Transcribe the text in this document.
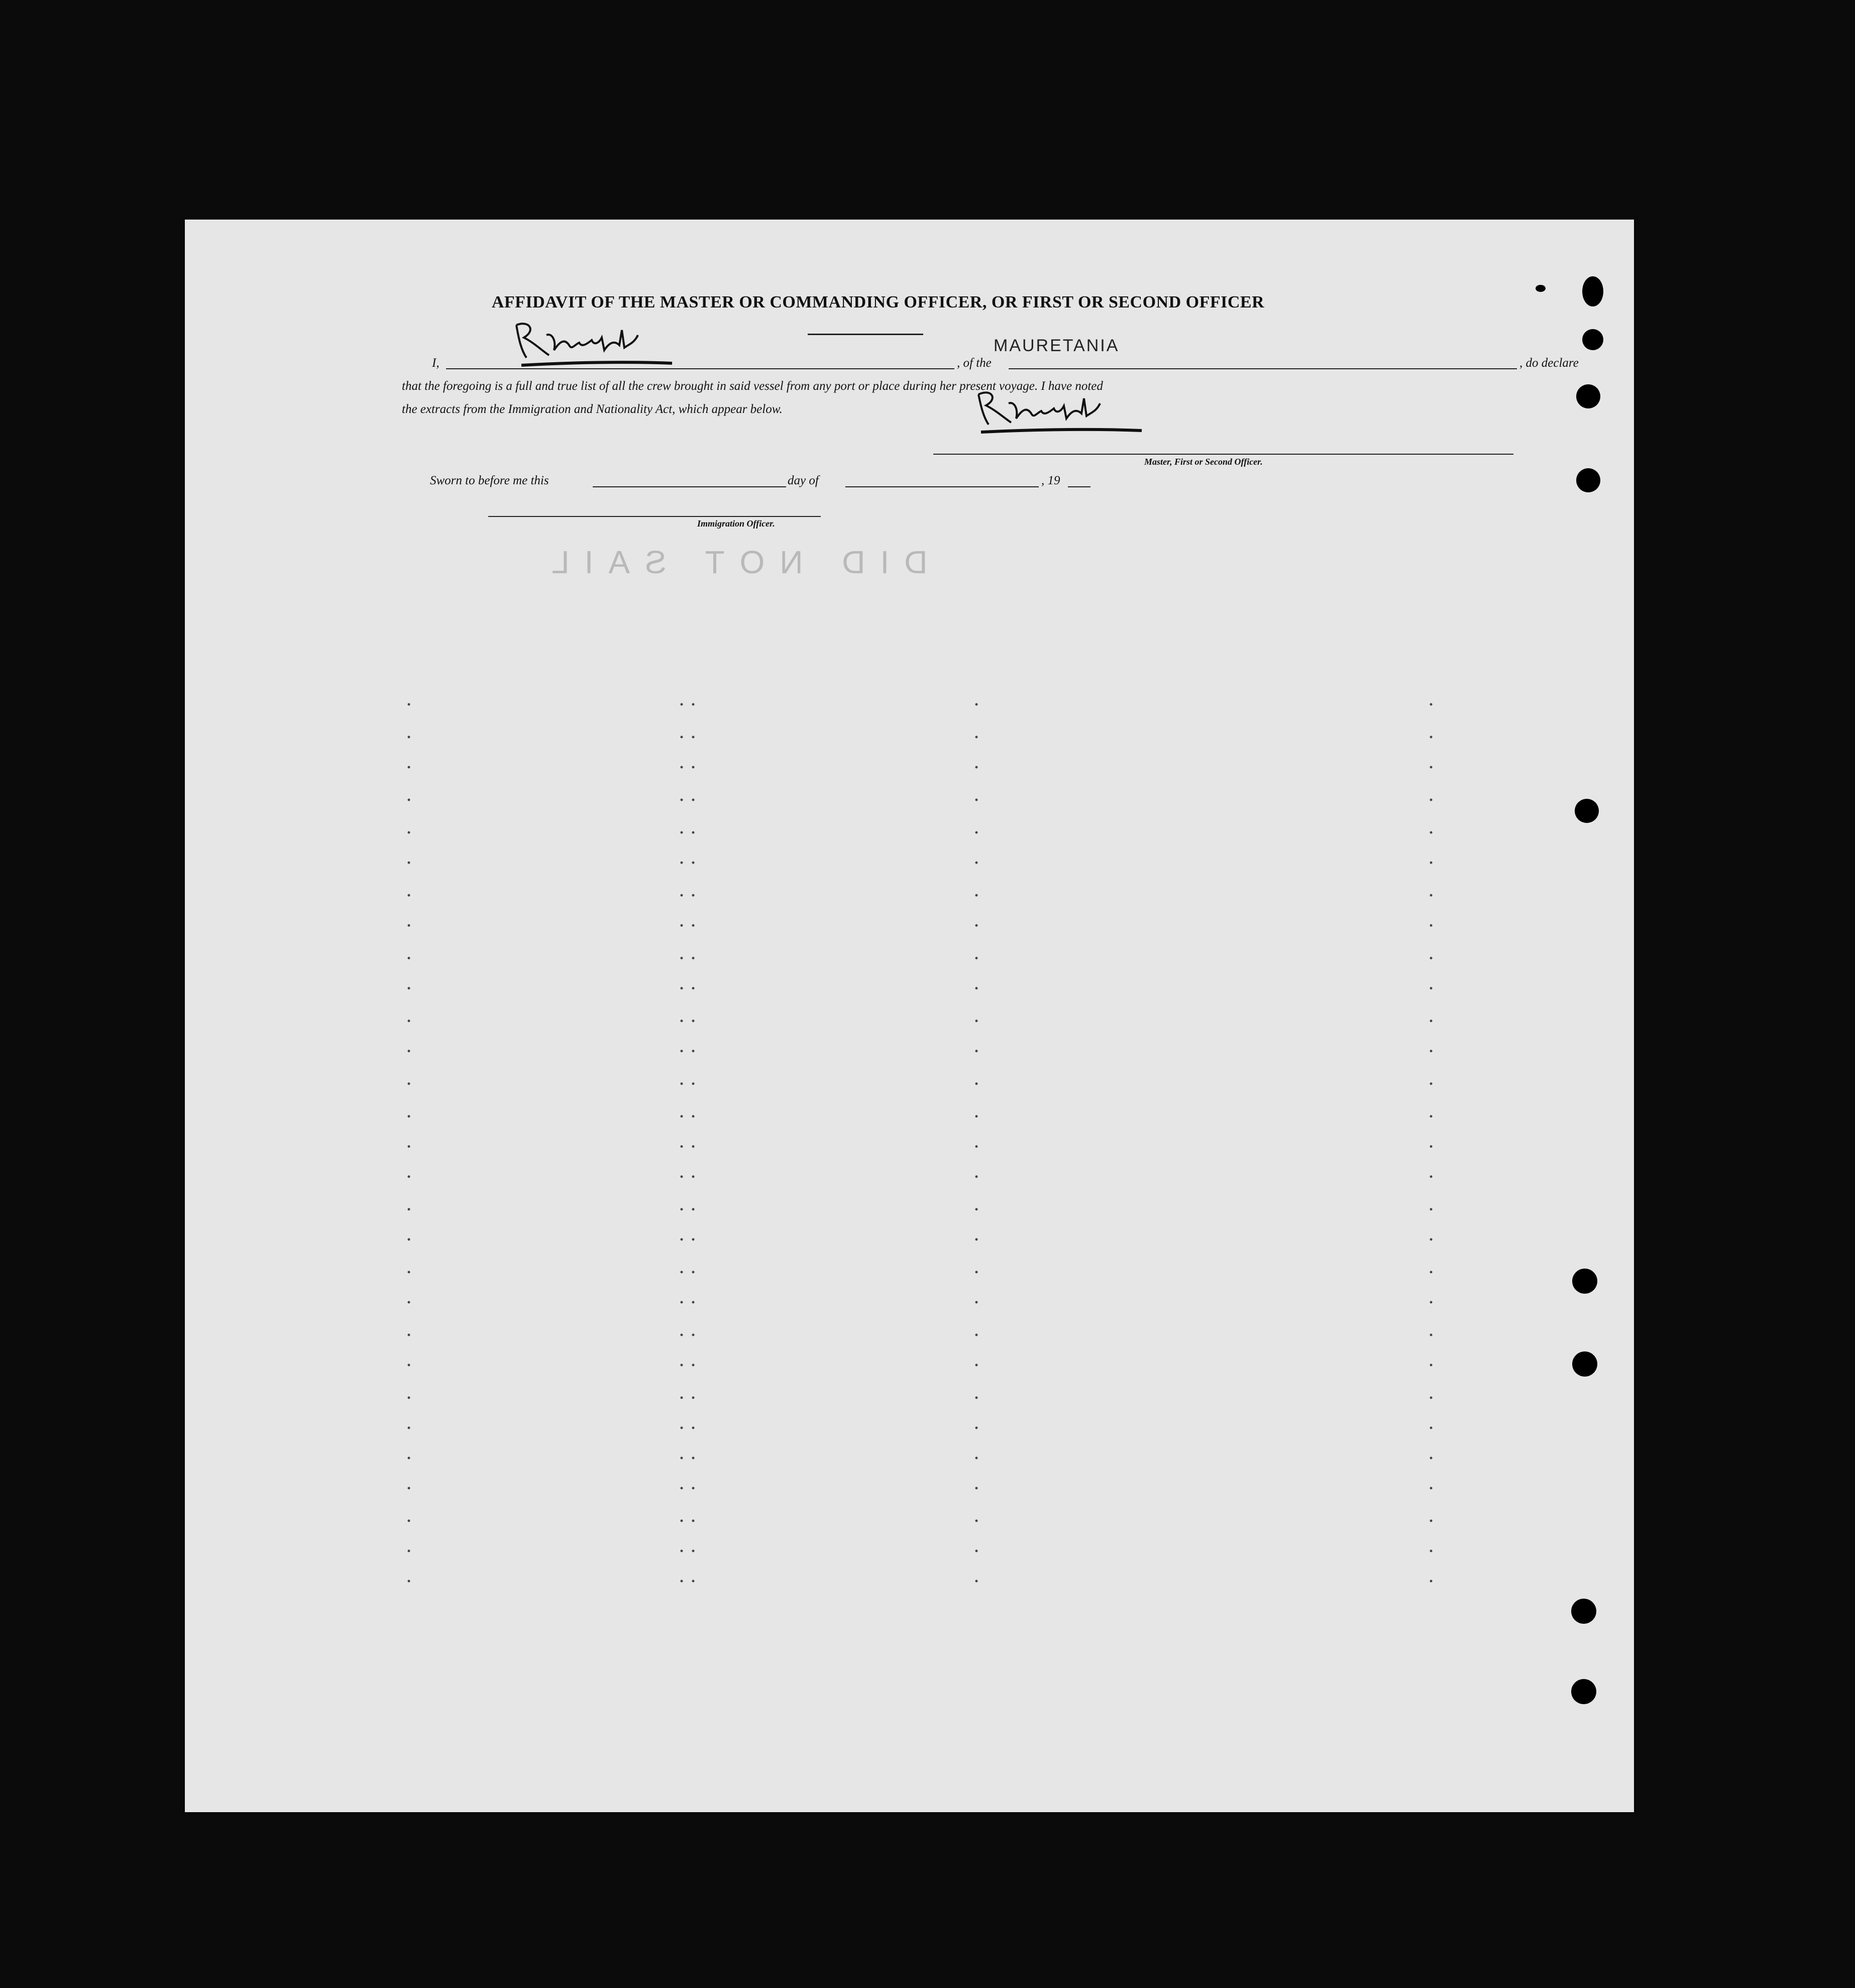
DID NOT SAIL
AFFIDAVIT OF THE MASTER OR COMMANDING OFFICER, OR FIRST OR SECOND OFFICER
I,	, of the
MAURETANIA
, do declare
that the foregoing is a full and true list of all the crew brought in said vessel from any port or place during her present voyage. I have noted
the extracts from the Immigration and Nationality Act, which appear below.
Master, First or Second Officer.
Sworn to before me this	day of	, 19
Immigration Officer.
